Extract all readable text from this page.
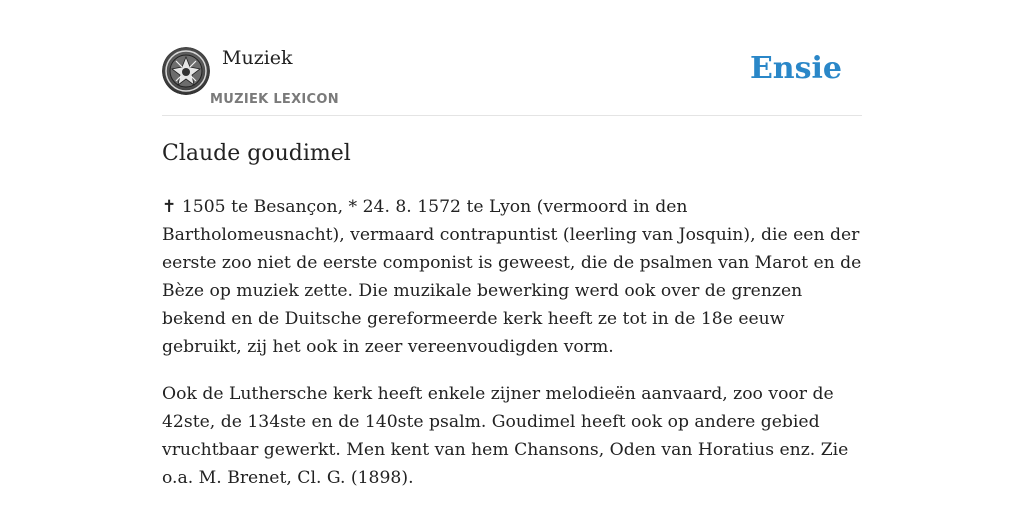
Muziek
MUZIEK LEXICON
Ensie
Claude goudimel

✝ 1505 te Besançon, * 24. 8. 1572 te Lyon (vermoord in den Bartholomeusnacht), vermaard contrapuntist (leerling van Josquin), die een der eerste zoo niet de eerste componist is geweest, die de psalmen van Marot en de Bèze op muziek zette. Die muzikale bewerking werd ook over de grenzen bekend en de Duitsche gereformeerde kerk heeft ze tot in de 18e eeuw gebruikt, zij het ook in zeer vereenvoudigden vorm.

Ook de Luthersche kerk heeft enkele zijner melodieën aanvaard, zoo voor de 42ste, de 134ste en de 140ste psalm. Goudimel heeft ook op andere gebied vruchtbaar gewerkt. Men kent van hem Chansons, Oden van Horatius enz. Zie o.a. M. Brenet, Cl. G. (1898).
